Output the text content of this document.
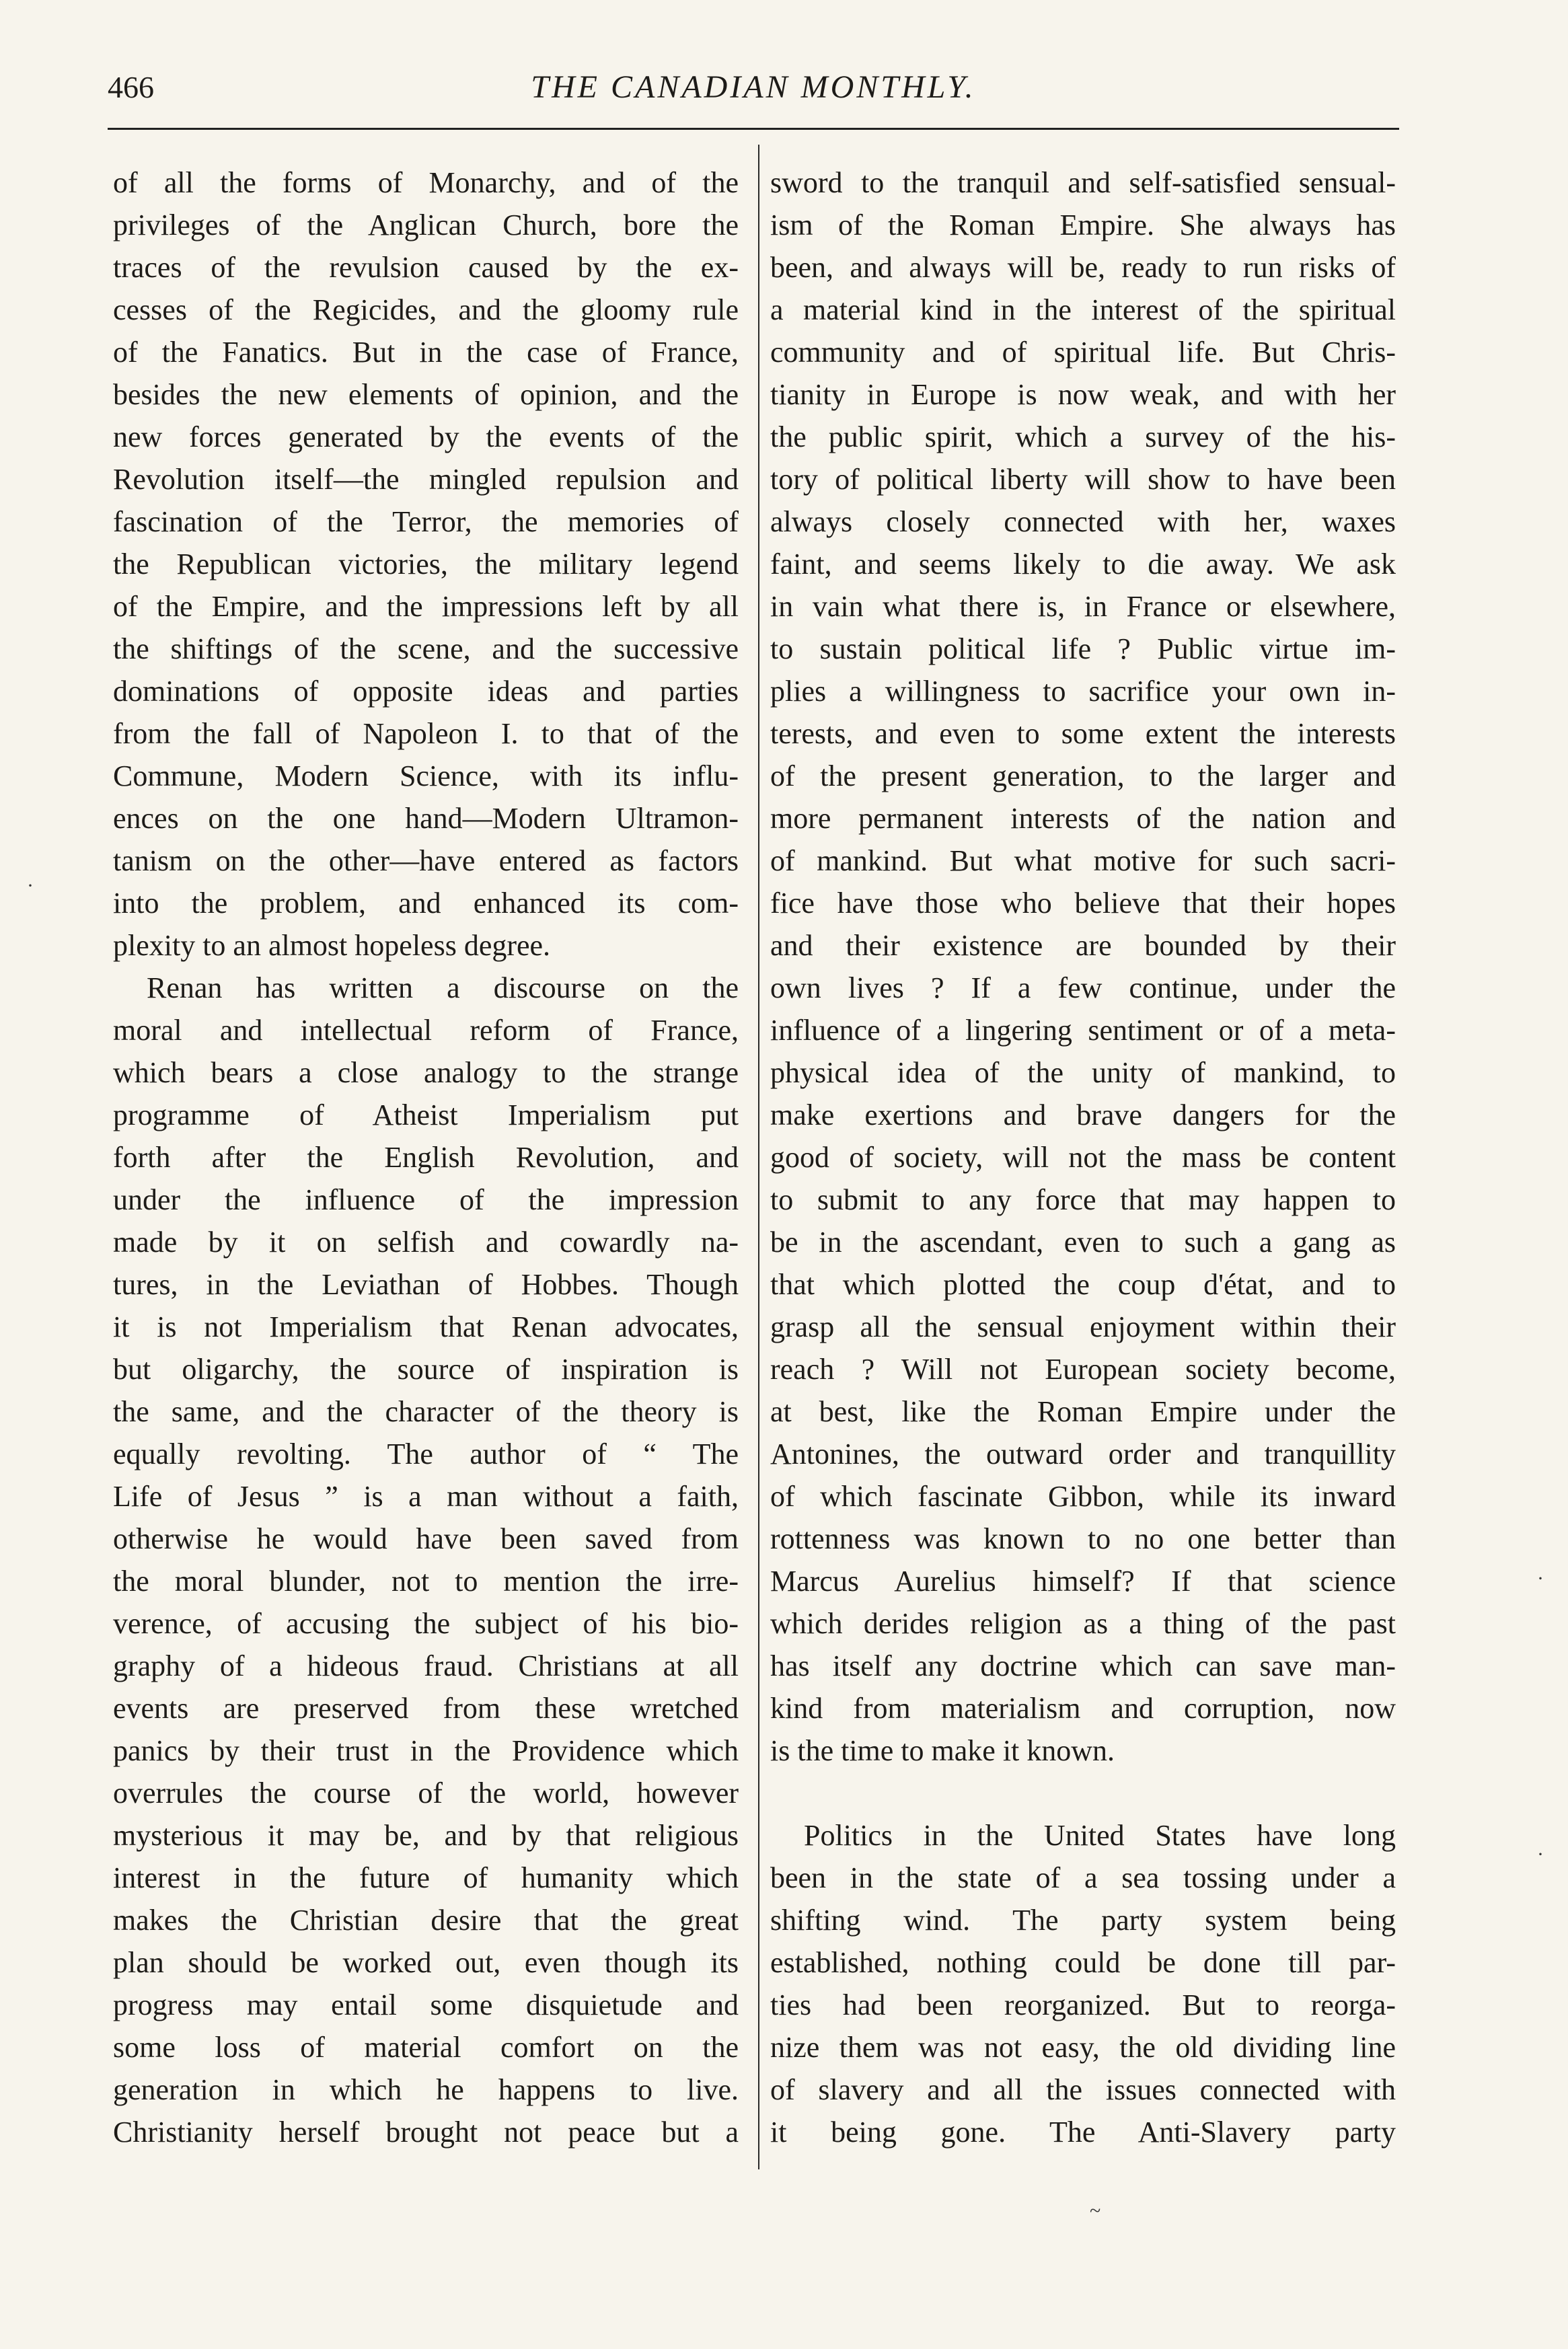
466	THE CANADIAN MONTHLY.
of all the forms of Monarchy, and of the
privileges of the Anglican Church, bore the
traces of the revulsion caused by the ex-
cesses of the Regicides, and the gloomy rule
of the Fanatics. But in the case of France,
besides the new elements of opinion, and the
new forces generated by the events of the
Revolution itself—the mingled repulsion and
fascination of the Terror, the memories of
the Republican victories, the military legend
of the Empire, and the impressions left by all
the shiftings of the scene, and the successive
dominations of opposite ideas and parties
from the fall of Napoleon I. to that of the
Commune, Modern Science, with its influ-
ences on the one hand—Modern Ultramon-
tanism on the other—have entered as factors
into the problem, and enhanced its com-
plexity to an almost hopeless degree.
Renan has written a discourse on the
moral and intellectual reform of France,
which bears a close analogy to the strange
programme of Atheist Imperialism put
forth after the English Revolution, and
under the influence of the impression
made by it on selfish and cowardly na-
tures, in the Leviathan of Hobbes. Though
it is not Imperialism that Renan advocates,
but oligarchy, the source of inspiration is
the same, and the character of the theory is
equally revolting. The author of “ The
Life of Jesus ” is a man without a faith,
otherwise he would have been saved from
the moral blunder, not to mention the irre-
verence, of accusing the subject of his bio-
graphy of a hideous fraud. Christians at all
events are preserved from these wretched
panics by their trust in the Providence which
overrules the course of the world, however
mysterious it may be, and by that religious
interest in the future of humanity which
makes the Christian desire that the great
plan should be worked out, even though its
progress may entail some disquietude and
some loss of material comfort on the
generation in which he happens to live.
Christianity herself brought not peace but a
sword to the tranquil and self-satisfied sensual-
ism of the Roman Empire. She always has
been, and always will be, ready to run risks of
a material kind in the interest of the spiritual
community and of spiritual life. But Chris-
tianity in Europe is now weak, and with her
the public spirit, which a survey of the his-
tory of political liberty will show to have been
always closely connected with her, waxes
faint, and seems likely to die away. We ask
in vain what there is, in France or elsewhere,
to sustain political life ? Public virtue im-
plies a willingness to sacrifice your own in-
terests, and even to some extent the interests
of the present generation, to the larger and
more permanent interests of the nation and
of mankind. But what motive for such sacri-
fice have those who believe that their hopes
and their existence are bounded by their
own lives ? If a few continue, under the
influence of a lingering sentiment or of a meta-
physical idea of the unity of mankind, to
make exertions and brave dangers for the
good of society, will not the mass be content
to submit to any force that may happen to
be in the ascendant, even to such a gang as
that which plotted the coup d'état, and to
grasp all the sensual enjoyment within their
reach ? Will not European society become,
at best, like the Roman Empire under the
Antonines, the outward order and tranquillity
of which fascinate Gibbon, while its inward
rottenness was known to no one better than
Marcus Aurelius himself? If that science
which derides religion as a thing of the past
has itself any doctrine which can save man-
kind from materialism and corruption, now
is the time to make it known.
Politics in the United States have long
been in the state of a sea tossing under a
shifting wind. The party system being
established, nothing could be done till par-
ties had been reorganized. But to reorga-
nize them was not easy, the old dividing line
of slavery and all the issues connected with
it being gone. The Anti-Slavery party
·
·
·
~
